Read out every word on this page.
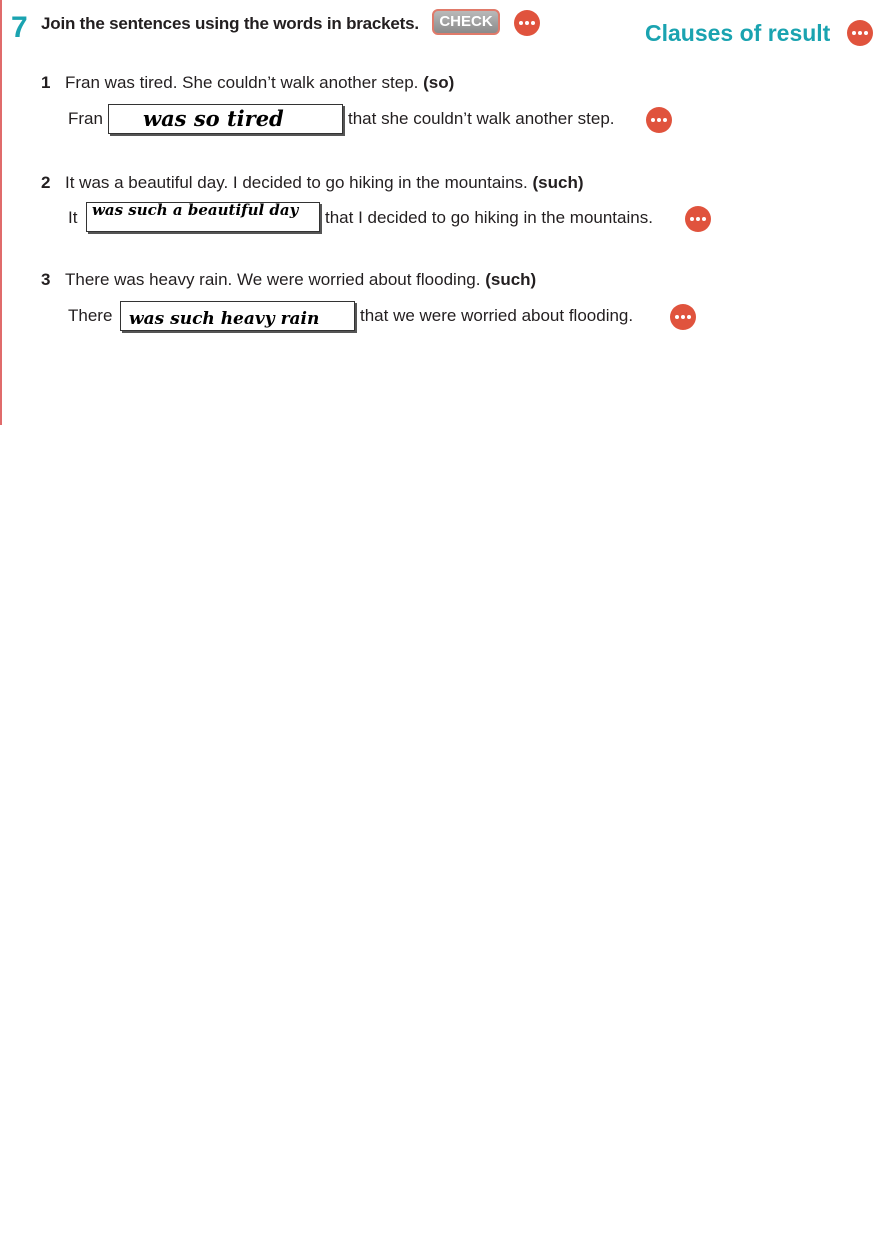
7 Join the sentences using the words in brackets.	CHECK	Clauses of result
1 Fran was tired. She couldn’t walk another step. (so)
Fran	was so tired	that she couldn’t walk another step.
2 It was a beautiful day. I decided to go hiking in the mountains. (such)
It was such a beautiful day	that I decided to go hiking in the mountains.
3 There was heavy rain. We were worried about flooding. (such)
There was such heavy rain	that we were worried about flooding.
